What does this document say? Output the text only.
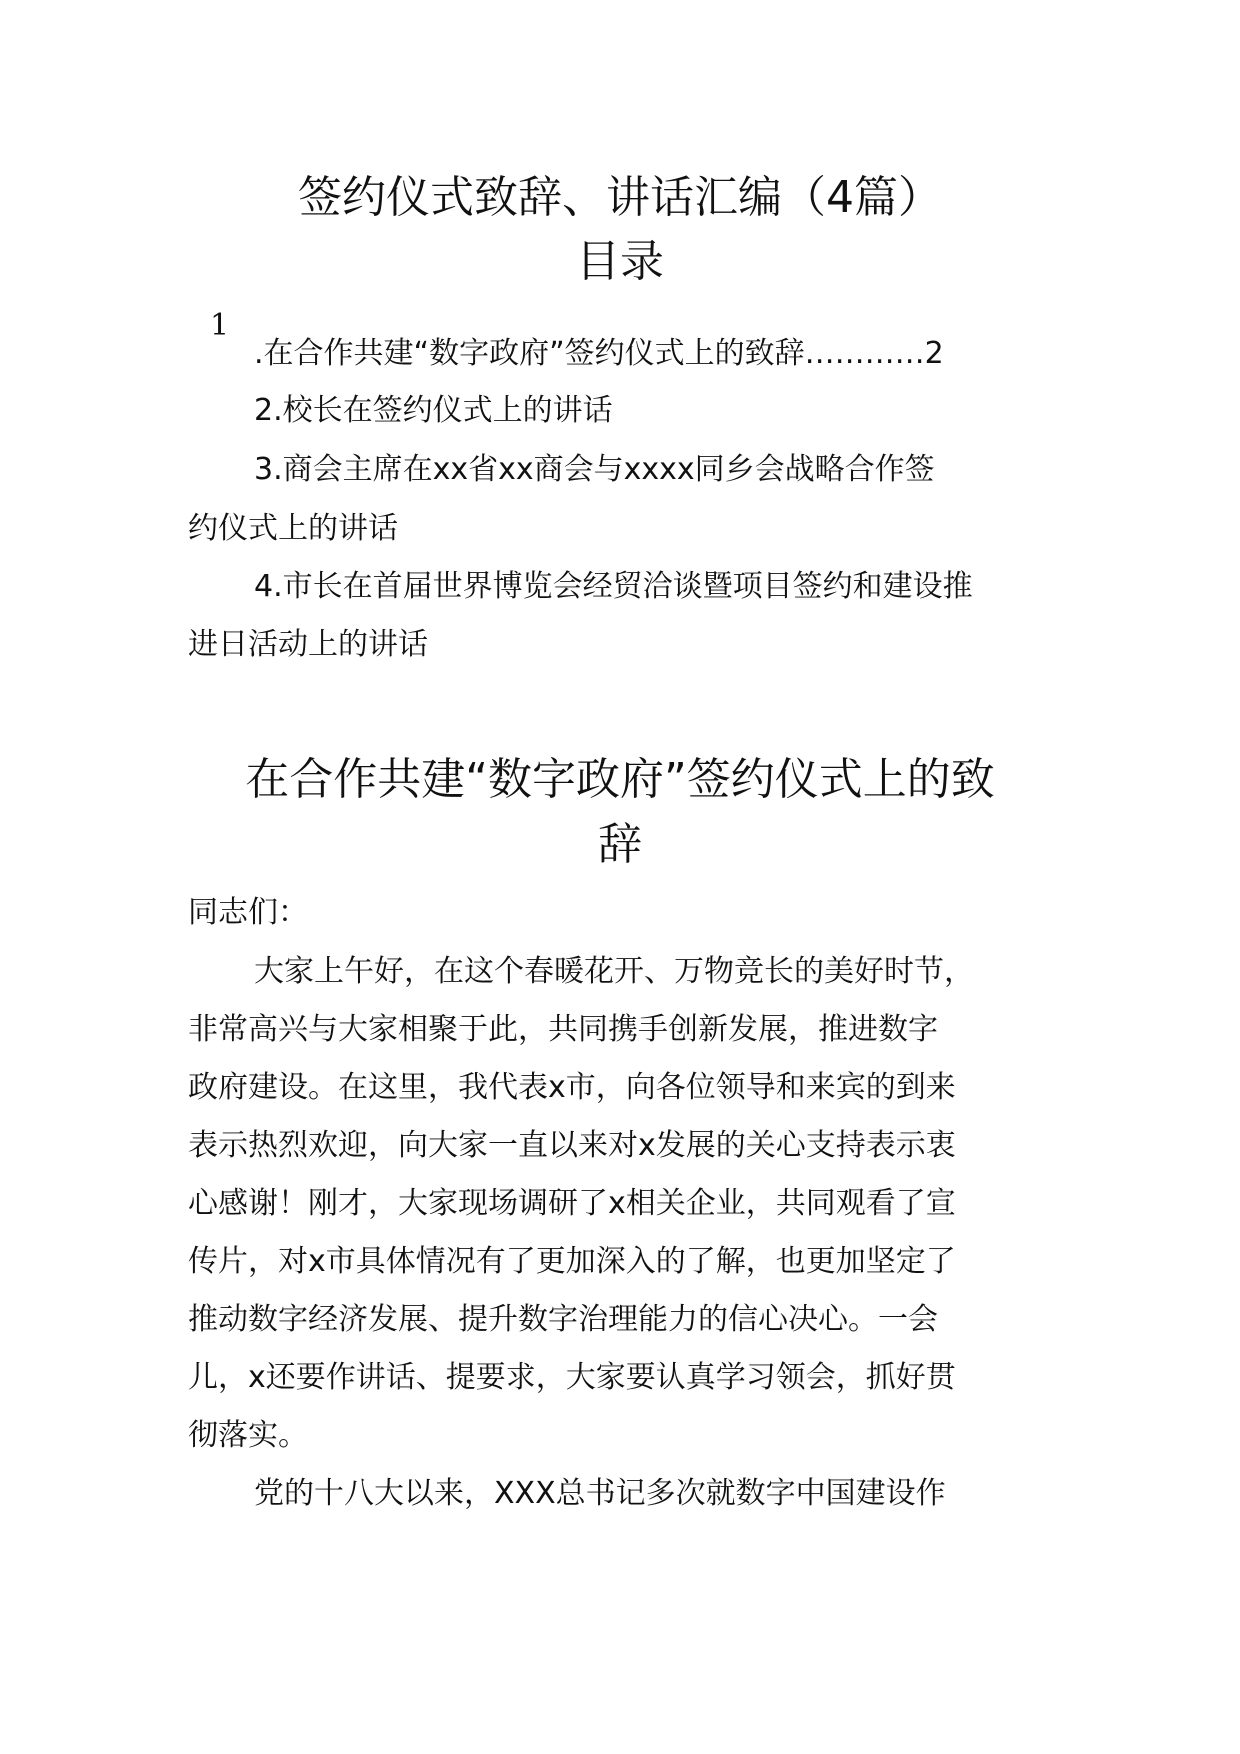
签约仪式致辞、讲话汇编（4篇）
目录
1
.在合作共建“数字政府”签约仪式上的致辞…………2
2.校长在签约仪式上的讲话
3.商会主席在xx省xx商会与xxxx同乡会战略合作签
约仪式上的讲话
4.市长在首届世界博览会经贸洽谈暨项目签约和建设推
进日活动上的讲话
在合作共建“数字政府”签约仪式上的致
辞
同志们：
大家上午好，在这个春暖花开、万物竞长的美好时节，
非常高兴与大家相聚于此，共同携手创新发展，推进数字
政府建设。在这里，我代表x市，向各位领导和来宾的到来
表示热烈欢迎，向大家一直以来对x发展的关心支持表示衷
心感谢！刚才，大家现场调研了x相关企业，共同观看了宣
传片，对x市具体情况有了更加深入的了解，也更加坚定了
推动数字经济发展、提升数字治理能力的信心决心。一会
儿，x还要作讲话、提要求，大家要认真学习领会，抓好贯
彻落实。
党的十八大以来，XXX总书记多次就数字中国建设作
